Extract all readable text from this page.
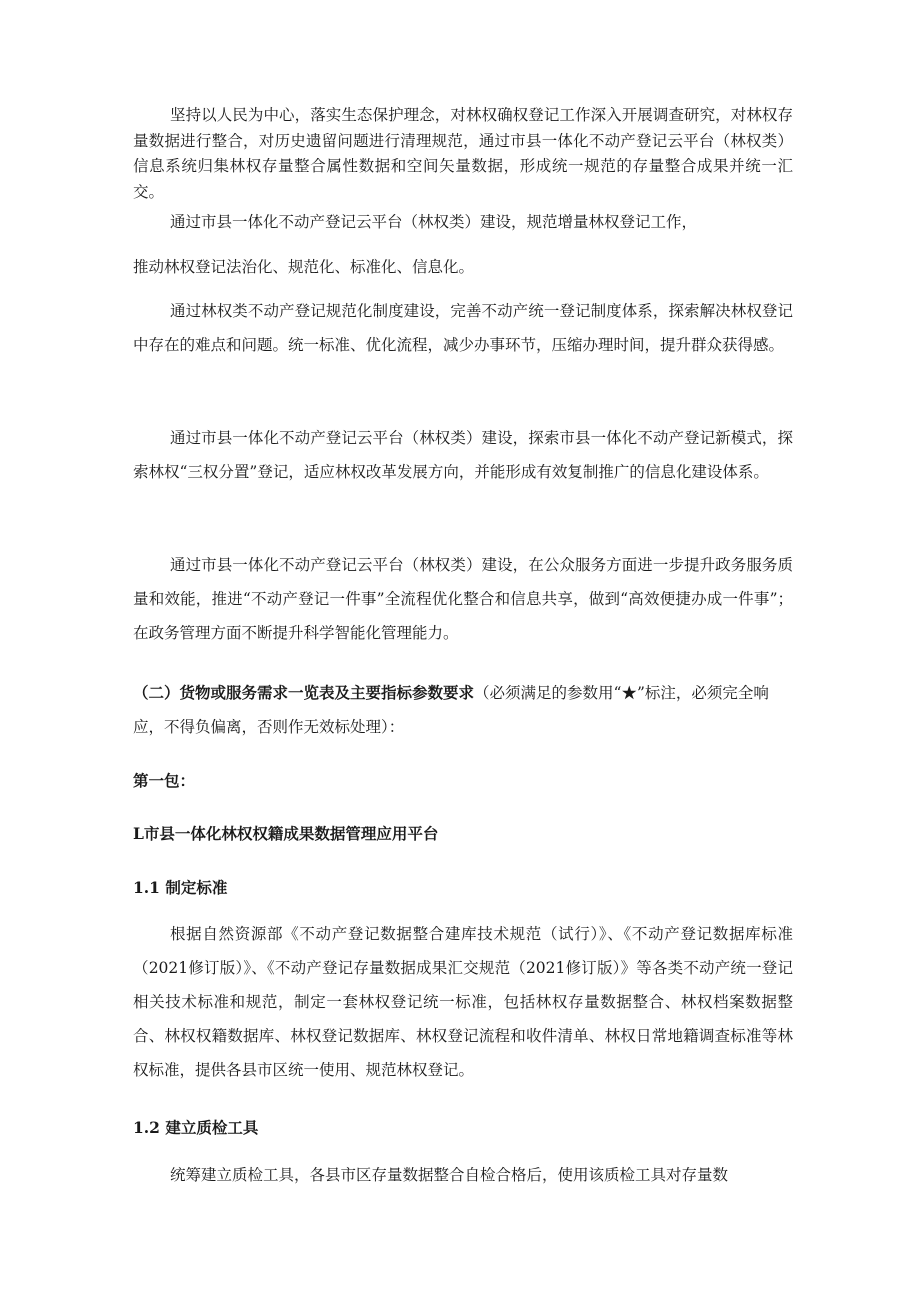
坚持以人民为中心，落实生态保护理念，对林权确权登记工作深入开展调查研究，对林权存量数据进行整合，对历史遗留问题进行清理规范，通过市县一体化不动产登记云平台（林权类）信息系统归集林权存量整合属性数据和空间矢量数据，形成统一规范的存量整合成果并统一汇交。

通过市县一体化不动产登记云平台（林权类）建设，规范增量林权登记工作，

推动林权登记法治化、规范化、标准化、信息化。

通过林权类不动产登记规范化制度建设，完善不动产统一登记制度体系，探索解决林权登记中存在的难点和问题。统一标准、优化流程，减少办事环节，压缩办理时间，提升群众获得感。

通过市县一体化不动产登记云平台（林权类）建设，探索市县一体化不动产登记新模式，探索林权“三权分置”登记，适应林权改革发展方向，并能形成有效复制推广的信息化建设体系。

通过市县一体化不动产登记云平台（林权类）建设，在公众服务方面进一步提升政务服务质量和效能，推进“不动产登记一件事”全流程优化整合和信息共享，做到“高效便捷办成一件事”；在政务管理方面不断提升科学智能化管理能力。

（二）货物或服务需求一览表及主要指标参数要求（必须满足的参数用“★”标注，必须完全响应，不得负偏离，否则作无效标处理）：

第一包：

L市县一体化林权权籍成果数据管理应用平台

1.1 制定标准

根据自然资源部《不动产登记数据整合建库技术规范（试行）》、《不动产登记数据库标准（2021修订版）》、《不动产登记存量数据成果汇交规范（2021修订版）》等各类不动产统一登记相关技术标准和规范，制定一套林权登记统一标准，包括林权存量数据整合、林权档案数据整合、林权权籍数据库、林权登记数据库、林权登记流程和收件清单、林权日常地籍调查标准等林权标准，提供各县市区统一使用、规范林权登记。

1.2 建立质检工具

统筹建立质检工具，各县市区存量数据整合自检合格后，使用该质检工具对存量数
